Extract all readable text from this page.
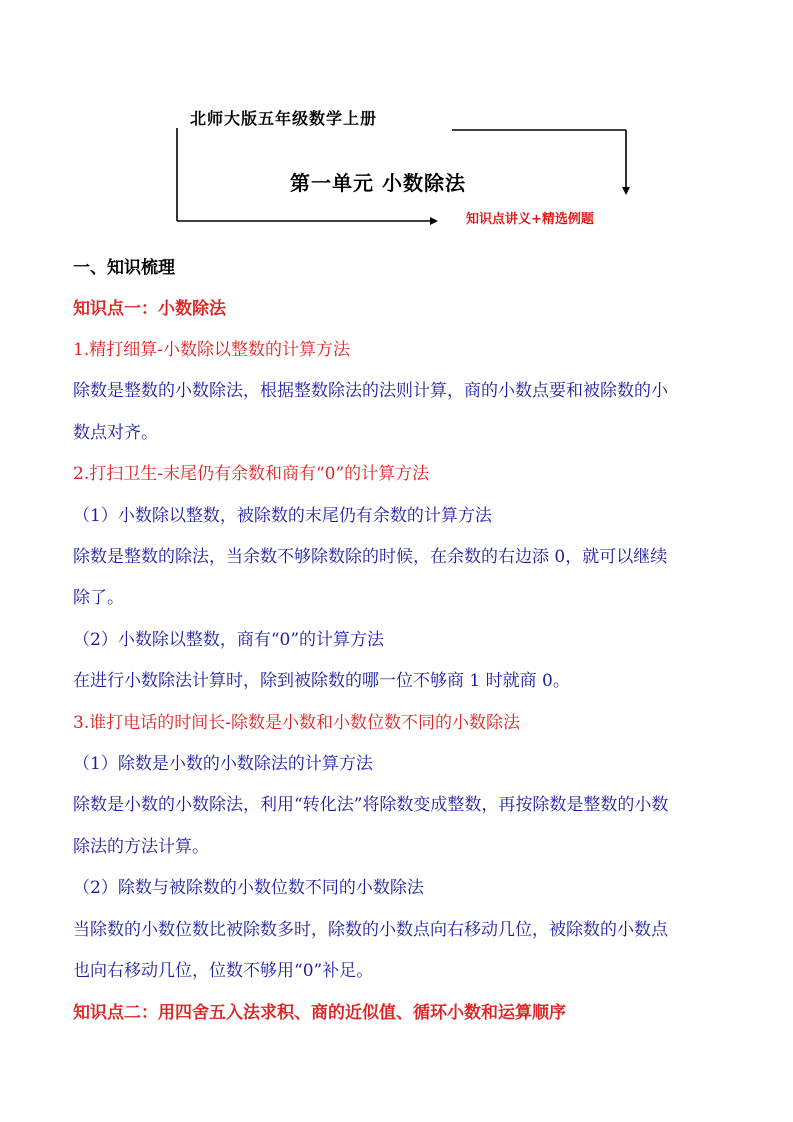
北师大版五年级数学上册
第一单元 小数除法
知识点讲义+精选例题
一、知识梳理
知识点一：小数除法
1.精打细算-小数除以整数的计算方法
除数是整数的小数除法，根据整数除法的法则计算，商的小数点要和被除数的小
数点对齐。
2.打扫卫生-末尾仍有余数和商有“0”的计算方法
（1）小数除以整数，被除数的末尾仍有余数的计算方法
除数是整数的除法，当余数不够除数除的时候，在余数的右边添 0，就可以继续
除了。
（2）小数除以整数，商有“0”的计算方法
在进行小数除法计算时，除到被除数的哪一位不够商 1 时就商 0。
3.谁打电话的时间长-除数是小数和小数位数不同的小数除法
（1）除数是小数的小数除法的计算方法
除数是小数的小数除法，利用“转化法”将除数变成整数，再按除数是整数的小数
除法的方法计算。
（2）除数与被除数的小数位数不同的小数除法
当除数的小数位数比被除数多时，除数的小数点向右移动几位，被除数的小数点
也向右移动几位，位数不够用“0”补足。
知识点二：用四舍五入法求积、商的近似值、循环小数和运算顺序
